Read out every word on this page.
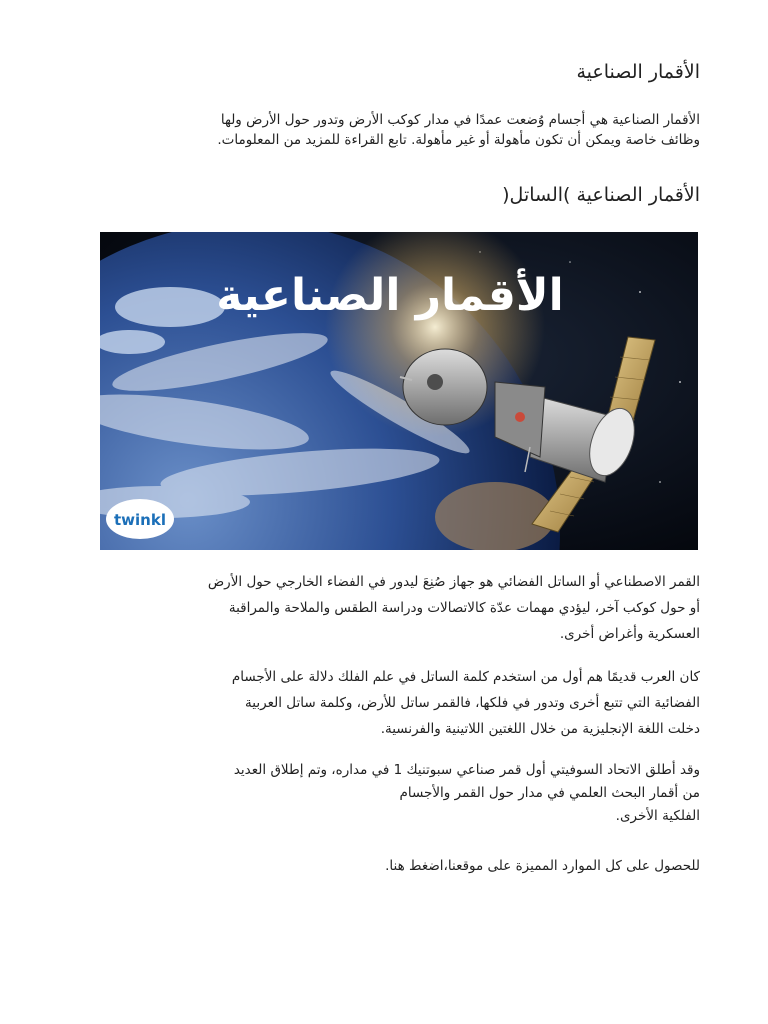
الأقمار الصناعية

الأقمار الصناعية هي أجسام وُضعت عمدًا في مدار كوكب الأرض وتدور حول الأرض ولها
وظائف خاصة ويمكن أن تكون مأهولة أو غير مأهولة. تابع القراءة للمزيد من المعلومات.

الأقمار الصناعية )الساتل(
الأقمار الصناعية
twinkl

القمر الاصطناعي أو الساتل الفضائي هو جهاز صُنِعَ ليدور في الفضاء الخارجي حول الأرض
أو حول كوكب آخر، ليؤدي مهمات عدّة كالاتصالات ودراسة الطقس والملاحة والمراقبة
العسكرية وأغراض أخرى.

كان العرب قديمًا هم أول من استخدم كلمة الساتل في علم الفلك دلالة على الأجسام
الفضائية التي تتبع أخرى وتدور في فلكها، فالقمر ساتل للأرض، وكلمة ساتل العربية
دخلت اللغة الإنجليزية من خلال اللغتين اللاتينية والفرنسية.

وقد أطلق الاتحاد السوفيتي أول قمر صناعي سبوتنيك 1 في مداره، وتم إطلاق العديد
من أقمار البحث العلمي في مدار حول القمر والأجسام
الفلكية الأخرى.

للحصول على كل الموارد المميزة على موقعنا،اضغط هنا.
